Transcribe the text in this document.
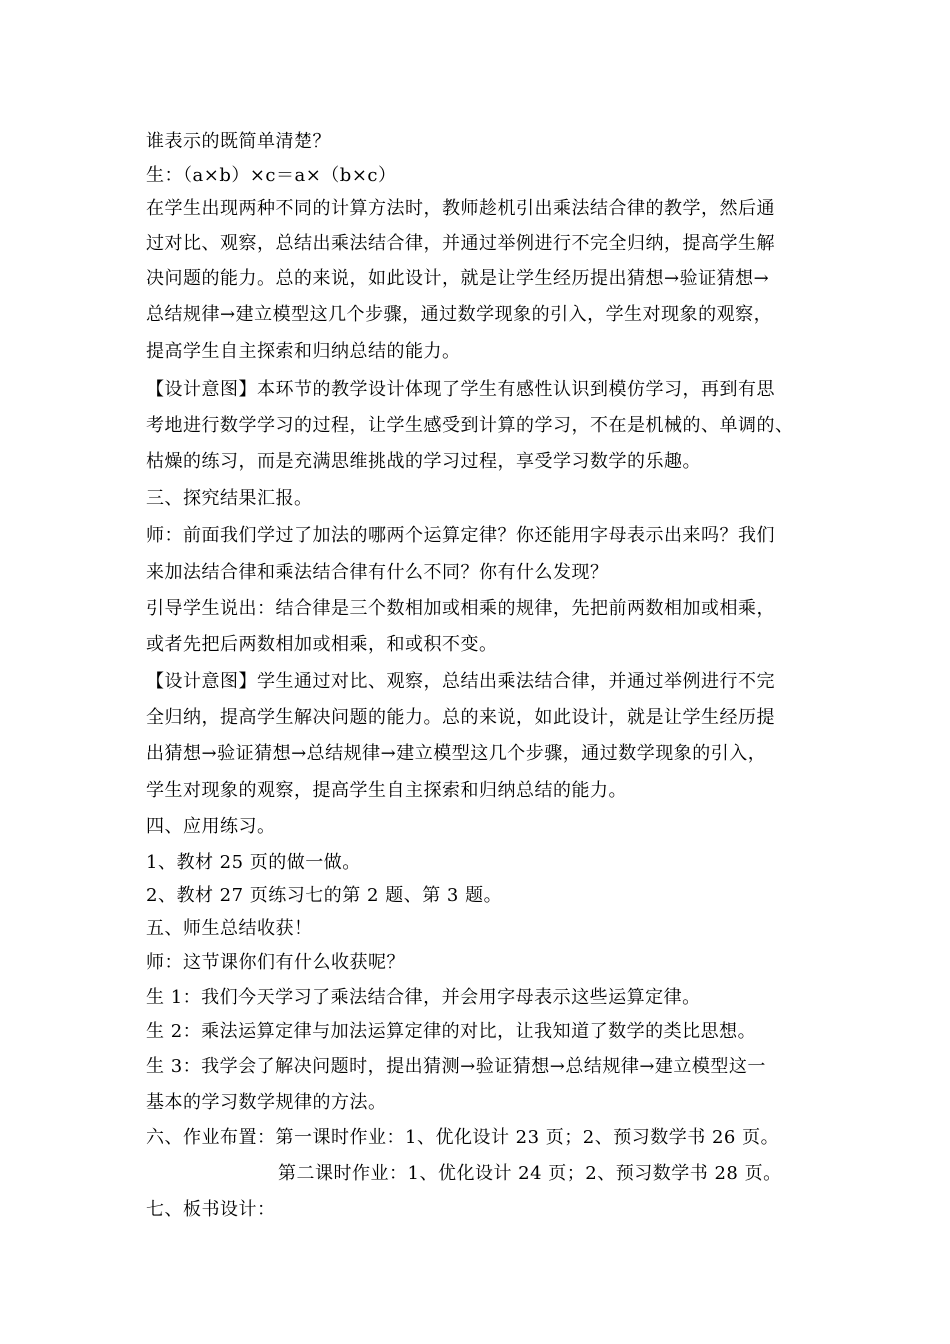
谁表示的既简单清楚？
生：（a×b）×c＝a×（b×c）
在学生出现两种不同的计算方法时，教师趁机引出乘法结合律的教学，然后通
过对比、观察，总结出乘法结合律，并通过举例进行不完全归纳，提高学生解
决问题的能力。总的来说，如此设计，就是让学生经历提出猜想→验证猜想→
总结规律→建立模型这几个步骤，通过数学现象的引入，学生对现象的观察，
提高学生自主探索和归纳总结的能力。
【设计意图】本环节的教学设计体现了学生有感性认识到模仿学习，再到有思
考地进行数学学习的过程，让学生感受到计算的学习，不在是机械的、单调的、
枯燥的练习，而是充满思维挑战的学习过程，享受学习数学的乐趣。
三、探究结果汇报。
师：前面我们学过了加法的哪两个运算定律？你还能用字母表示出来吗？我们
来加法结合律和乘法结合律有什么不同？你有什么发现？
引导学生说出：结合律是三个数相加或相乘的规律，先把前两数相加或相乘，
或者先把后两数相加或相乘，和或积不变。
【设计意图】学生通过对比、观察，总结出乘法结合律，并通过举例进行不完
全归纳，提高学生解决问题的能力。总的来说，如此设计，就是让学生经历提
出猜想→验证猜想→总结规律→建立模型这几个步骤，通过数学现象的引入，
学生对现象的观察，提高学生自主探索和归纳总结的能力。
四、应用练习。
1、教材 25 页的做一做。
2、教材 27 页练习七的第 2 题、第 3 题。
五、师生总结收获！
师：这节课你们有什么收获呢？
生 1：我们今天学习了乘法结合律，并会用字母表示这些运算定律。
生 2：乘法运算定律与加法运算定律的对比，让我知道了数学的类比思想。
生 3：我学会了解决问题时，提出猜测→验证猜想→总结规律→建立模型这一
基本的学习数学规律的方法。
六、作业布置：第一课时作业：1、优化设计 23 页；2、预习数学书 26 页。
第二课时作业：1、优化设计 24 页；2、预习数学书 28 页。
七、板书设计：
